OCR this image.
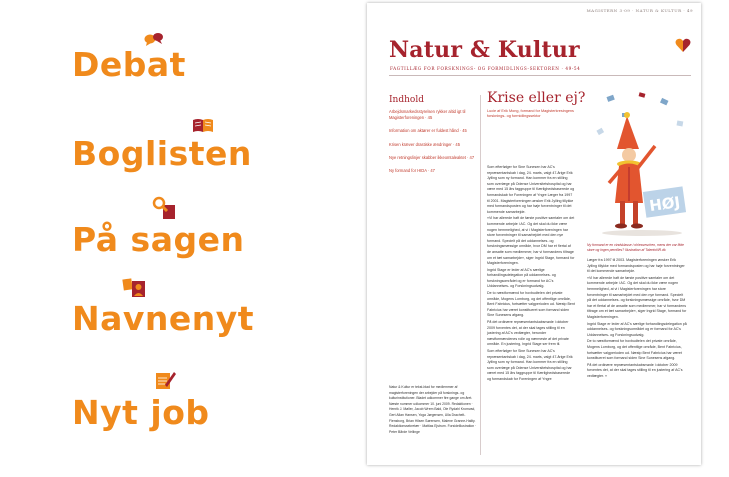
Debat
Boglisten
På sagen
Navnenyt
Nyt job
MAGISTERN 3·09 · NATUR & KULTUR · 49
Natur & Kultur
FAGTILLÆG FOR FORSKNINGS- OG FORMIDLINGS-SEKTOREN · 49-54
Indhold
Arbejdsmarkedsstyrelsen rykker altid igt til Magisterforeningen · 45
Information om aktører er fuldest hånd · 45
Krisen kræver drastiske ændringer · 45
Nye retningslinjer skabber ikkeomtaleaktet · 47
Ny formand for HIDA · 47
Natur & Kultur er tekst-blad for medlemmer af magisterforeningen der arbejder på forsknings- og kulturinstitutioner. Bladet udkommer fire gange om året. Næste nummer udkommer 10. juni 2009. Redaktionen · Henrik J. Møller, Jacob Wrem Bald, Ole Rydahl Kromvad, Gert Allan Hansen, Yoga Jørgensen, Ulla Drachelt-Flensborg, Brian Hilsen Sørensen, Malene Granne-Hailty. Redaktionssekretær · Mattias Ejstrum. Forsideillustration · Peter Bårde Vellinge
Krise eller ej?
Lucie af Erik Mong, formand for Magisterkresingens forsknings- og formidlingssektor

Som efterfølger for Sine Sunesen har AC's repræsentantskab i dag, 24. marts, valgt 47-årige Erik Jylling som ny formand. Han kommer fra en stilling som overlæge på Odense Universitetshospital og har være med 15 års faggruppe til Kærlighedsbaserede og formandskab for Foreningen af Yngre Læger fra 1997 til 2001. Magisterforeningen ønsker Erik Jylling tillykke med formandsposten og har høje forventninger til det kommende samarbejde.

»Vi har allerede haft de første positive samtaler om det kommende arbejde i AC. Og det skal du ikke være nogen hemmelighed, at vi i Magisterforeningen har store forventninger til samarbejdet med den nye formand. Specielt på det uddannelses- og forskningsmæssige område, hvor DM har et flertal af de ansatte som medlemmer, har vi formandens tiltrage om et tæt samarbejde«, siger Ingrid Stage, formand for Magisterforeningen.

Ingrid Stage er leder af AC's særlige forhandlingsdelegation på uddannelses- og forskningsområdet og er formand for AC's Uddannelses- og Forskningsudvalg.

De to næstformænd for hovbudtelen det private område, Mogens Lomborg, og det offentlige område, Bent Fabricius, fortsætter valgperioden ud. Næstp Bent Fabricius har været konstitueret som formand siden Sine Sunesens afgang.

På det ordinære repræsentantskabsmøde i oktober 2009 forventes det, at der skal tages stilling til en justering af AC's vedtægter, herunder næstformændenes rolle og nærmeste af det private område. En justering, Ingrid Stage ser frem til.

Som efterfølger for Sine Sunesen har AC's repræsentantskab i dag, 24. marts, valgt 47-årige Erik Jylling som ny formand. Han kommer fra en stilling som overlæge på Odense Universitetshospital og har været med 15 års faggruppe til Kærlighedsbaserede og formandskab for Foreningen af Yngre

HØJ
Ny formand er en vindsklasse i ohlesseschen, mens der var flide store og Ingen pernilles? Illustration af TalentoNR.dk

Læger fra 1997 til 2003. Magisterforeningen ønsker Erik Jylling tillykke med formandsposten og har høje forventninger til det kommende samarbejde.

»Vi har allerede haft de første positive samtaler om det kommende arbejde i AC. Og det skal du ikke være nogen hemmelighed, at vi i Magisterforeningen har store forventninger til samarbejdet med den nye formand. Specielt på det uddannelses- og forskningsmæssige område, hvor DM har et flertal af de ansatte som medlemmer, har vi formandens tiltrage om et tæt samarbejde«, siger Ingrid Stage, formand for Magisterforeningen.

Ingrid Stage er leder af AC's særlige forhandlingsdelegation på uddannelses- og forskningsområdet og er formand for AC's Uddannelses- og Forskningsudvalg.

De to næstformænd for hovbudtelen det private område, Mogens Lomborg, og det offentlige område, Bent Fabricius, fortsætter valgperioden ud. Næstp Bent Fabricius har været konstitueret som formand siden Sine Sunesens afgang.

På det ordinære repræsentantskabsmøde i oktober 2009 forventes det, at der skal tages stilling til en justering af AC's vedtægter. »
